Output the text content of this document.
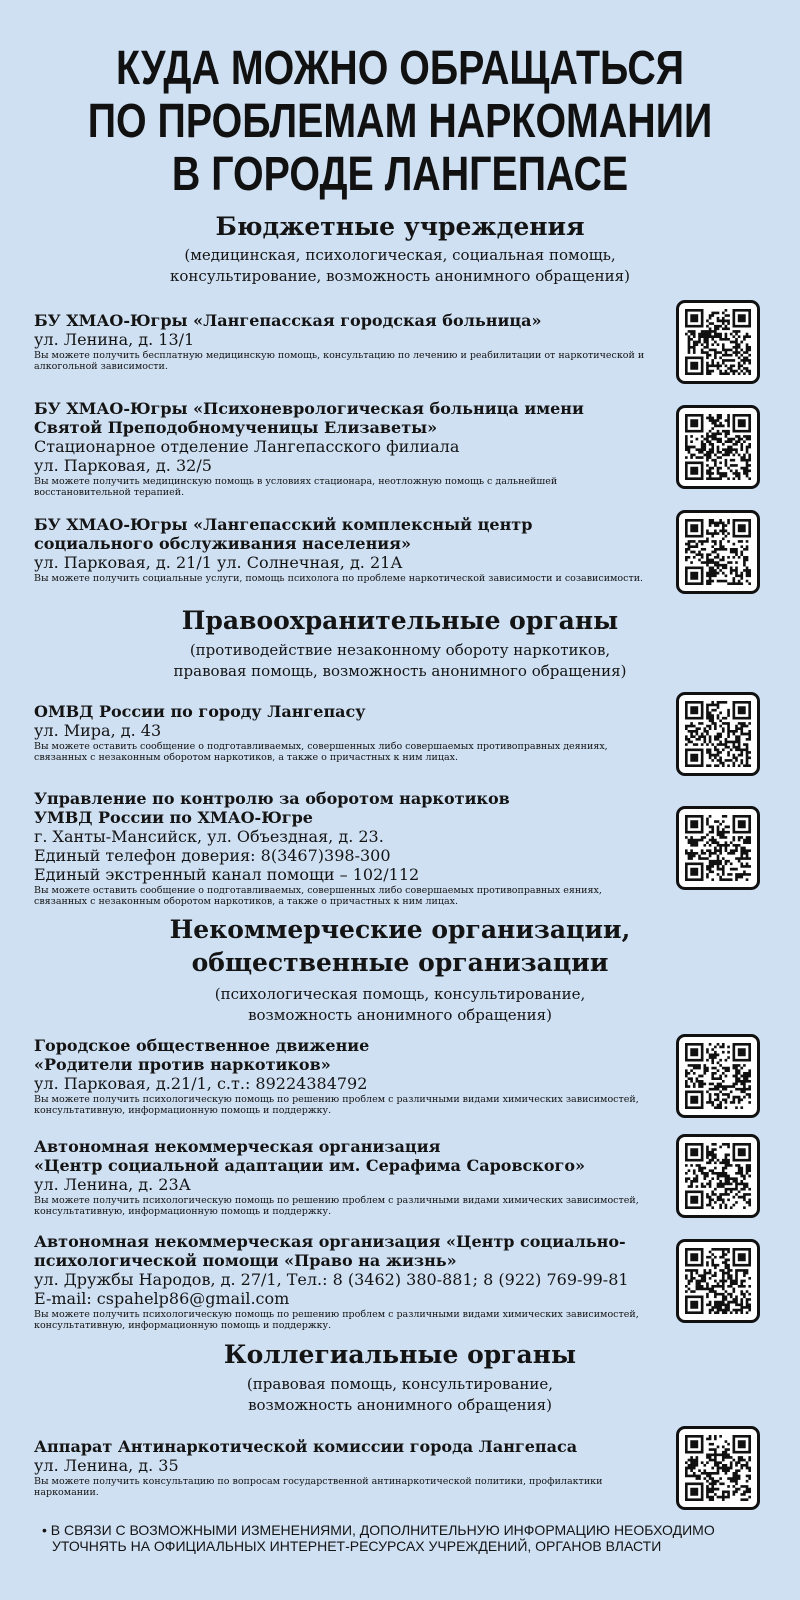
КУДА МОЖНО ОБРАЩАТЬСЯ
ПО ПРОБЛЕМАМ НАРКОМАНИИ
В ГОРОДЕ ЛАНГЕПАСЕ
Бюджетные учреждения
(медицинская, психологическая, социальная помощь,
консультирование, возможность анонимного обращения)
БУ ХМАО-Югры «Лангепасская городская больница»
ул. Ленина, д. 13/1
Вы можете получить бесплатную медицинскую помощь, консультацию по лечению и реабилитации от наркотической и алкогольной зависимости.
БУ ХМАО-Югры «Психоневрологическая больница имени
Святой Преподобномученицы Елизаветы»
Стационарное отделение Лангепасского филиала
ул. Парковая, д. 32/5
Вы можете получить медицинскую помощь в условиях стационара, неотложную помощь с дальнейшей восстановительной терапией.
БУ ХМАО-Югры «Лангепасский комплексный центр
социального обслуживания населения»
ул. Парковая, д. 21/1 ул. Солнечная, д. 21А
Вы можете получить социальные услуги, помощь психолога по проблеме наркотической зависимости и созависимости.
Правоохранительные органы
(противодействие незаконному обороту наркотиков,
правовая помощь, возможность анонимного обращения)
ОМВД России по городу Лангепасу
ул. Мира, д. 43
Вы можете оставить сообщение о подготавливаемых, совершенных либо совершаемых противоправных деяниях, связанных с незаконным оборотом наркотиков, а также о причастных к ним лицах.
Управление по контролю за оборотом наркотиков
УМВД России по ХМАО-Югре
г. Ханты-Мансийск, ул. Объездная, д. 23.
Единый телефон доверия: 8(3467)398-300
Единый экстренный канал помощи – 102/112
Вы можете оставить сообщение о подготавливаемых, совершенных либо совершаемых противоправных еяниях, связанных с незаконным оборотом наркотиков, а также о причастных к ним лицах.
Некоммерческие организации,
общественные организации
(психологическая помощь, консультирование,
возможность анонимного обращения)
Городское общественное движение
«Родители против наркотиков»
ул. Парковая, д.21/1, с.т.: 89224384792
Вы можете получить психологическую помощь по решению проблем с различными видами химических зависимостей, консультативную, информационную помощь и поддержку.
Автономная некоммерческая организация
«Центр социальной адаптации им. Серафима Саровского»
ул. Ленина, д. 23А
Вы можете получить психологическую помощь по решению проблем с различными видами химических зависимостей, консультативную, информационную помощь и поддержку.
Автономная некоммерческая организация «Центр социально-
психологической помощи «Право на жизнь»
ул. Дружбы Народов, д. 27/1, Тел.: 8 (3462) 380-881; 8 (922) 769-99-81
E-mail: cspahelp86@gmail.com
Вы можете получить психологическую помощь по решению проблем с различными видами химических зависимостей, консультативную, информационную помощь и поддержку.
Коллегиальные органы
(правовая помощь, консультирование,
возможность анонимного обращения)
Аппарат Антинаркотической комиссии города Лангепаса
ул. Ленина, д. 35
Вы можете получить консультацию по вопросам государственной антинаркотической политики, профилактики наркомании.
• В СВЯЗИ С ВОЗМОЖНЫМИ ИЗМЕНЕНИЯМИ, ДОПОЛНИТЕЛЬНУЮ ИНФОРМАЦИЮ НЕОБХОДИМО
УТОЧНЯТЬ НА ОФИЦИАЛЬНЫХ ИНТЕРНЕТ-РЕСУРСАХ УЧРЕЖДЕНИЙ, ОРГАНОВ ВЛАСТИ
